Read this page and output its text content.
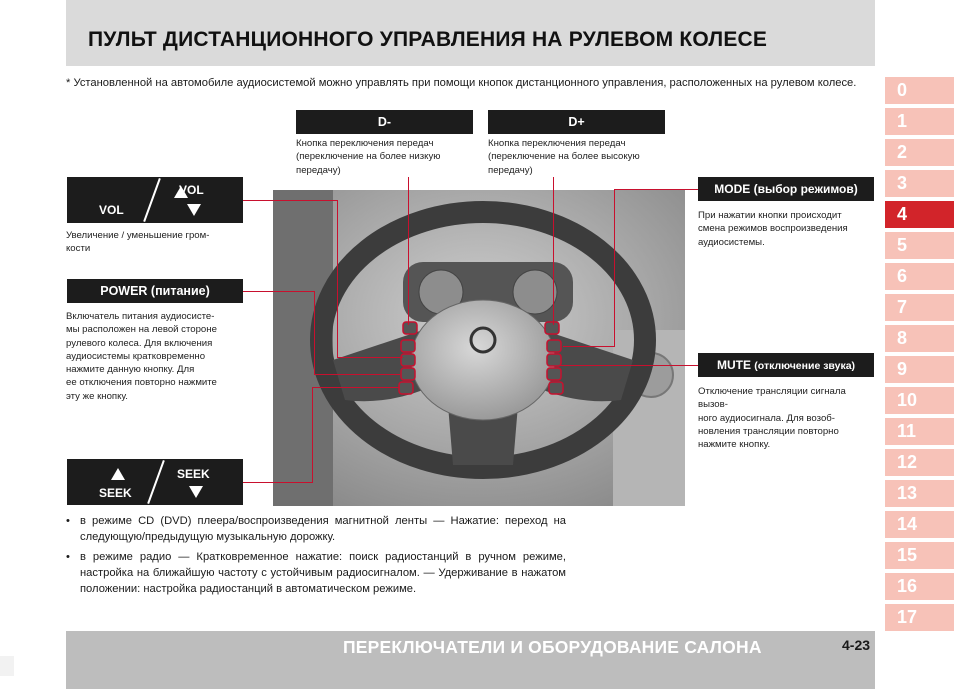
ПУЛЬТ ДИСТАНЦИОННОГО УПРАВЛЕНИЯ НА РУЛЕВОМ КОЛЕСЕ
* Установленной на автомобиле аудиосистемой можно управлять при помощи кнопок дистанционного управления, расположенных на рулевом колесе.
D-
Кнопка переключения передач
(переключение на более низкую
передачу)
D+
Кнопка переключения передач
(переключение на более высокую
передачу)
VOL
VOL
Увеличение / уменьшение гром-
кости
POWER (питание)
Включатель питания аудиосисте-
мы расположен на левой стороне
рулевого колеса. Для включения
аудиосистемы кратковременно
нажмите данную кнопку. Для
ее отключения повторно нажмите
эту же кнопку.
SEEK
SEEK
MODE (выбор режимов)
При нажатии кнопки происходит
смена режимов воспроизведения
аудиосистемы.
MUTE (отключение звука)
Отключение трансляции сигнала вызов-
ного аудиосигнала. Для возоб-
новления трансляции повторно
нажмите кнопку.
• в режиме CD (DVD) плеера/воспроизведения магнитной ленты — Нажатие: переход на следующую/предыдущую музыкальную дорожку.
• в режиме радио — Кратковременное нажатие: поиск радиостанций в ручном режиме, настройка на ближайшую частоту с устойчивым радиосигналом. — Удерживание в нажатом положении: настройка радиостанций в автоматическом режиме.
0
1
2
3
4
5
6
7
8
9
10
11
12
13
14
15
16
17
ПЕРЕКЛЮЧАТЕЛИ И ОБОРУДОВАНИЕ САЛОНА	4-23
